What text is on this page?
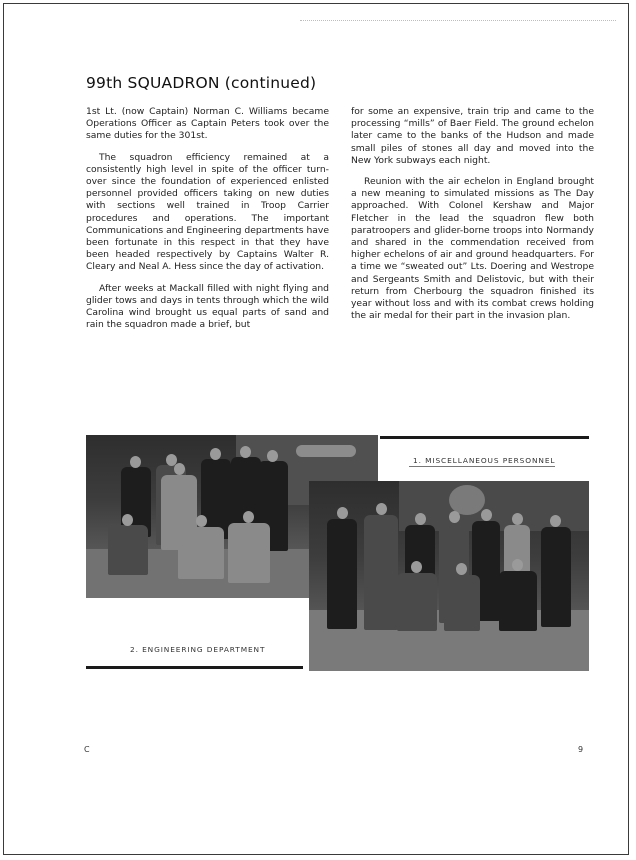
99th SQUADRON (continued)

1st Lt. (now Captain) Norman C. Williams became Operations Officer as Captain Peters took over the same duties for the 301st.

The squadron efficiency remained at a consistently high level in spite of the officer turn-over since the foundation of experienced enlisted personnel provided officers taking on new duties with sections well trained in Troop Carrier procedures and operations. The important Communications and Engineering departments have been fortunate in this respect in that they have been headed respectively by Captains Walter R. Cleary and Neal A. Hess since the day of activation.

After weeks at Mackall filled with night flying and glider tows and days in tents through which the wild Carolina wind brought us equal parts of sand and rain the squadron made a brief, but

for some an expensive, train trip and came to the processing “mills” of Baer Field. The ground echelon later came to the banks of the Hudson and made small piles of stones all day and moved into the New York subways each night.

Reunion with the air echelon in England brought a new meaning to simulated missions as The Day approached. With Colonel Kershaw and Major Fletcher in the lead the squadron flew both paratroopers and glider-borne troops into Normandy and shared in the commendation received from higher echelons of air and ground headquarters. For a time we “sweated out” Lts. Doering and Westrope and Sergeants Smith and Delistovic, but with their return from Cherbourg the squadron finished its year without loss and with its combat crews holding the air medal for their part in the invasion plan.

2. ENGINEERING DEPARTMENT
1. MISCELLANEOUS PERSONNEL
C	9
